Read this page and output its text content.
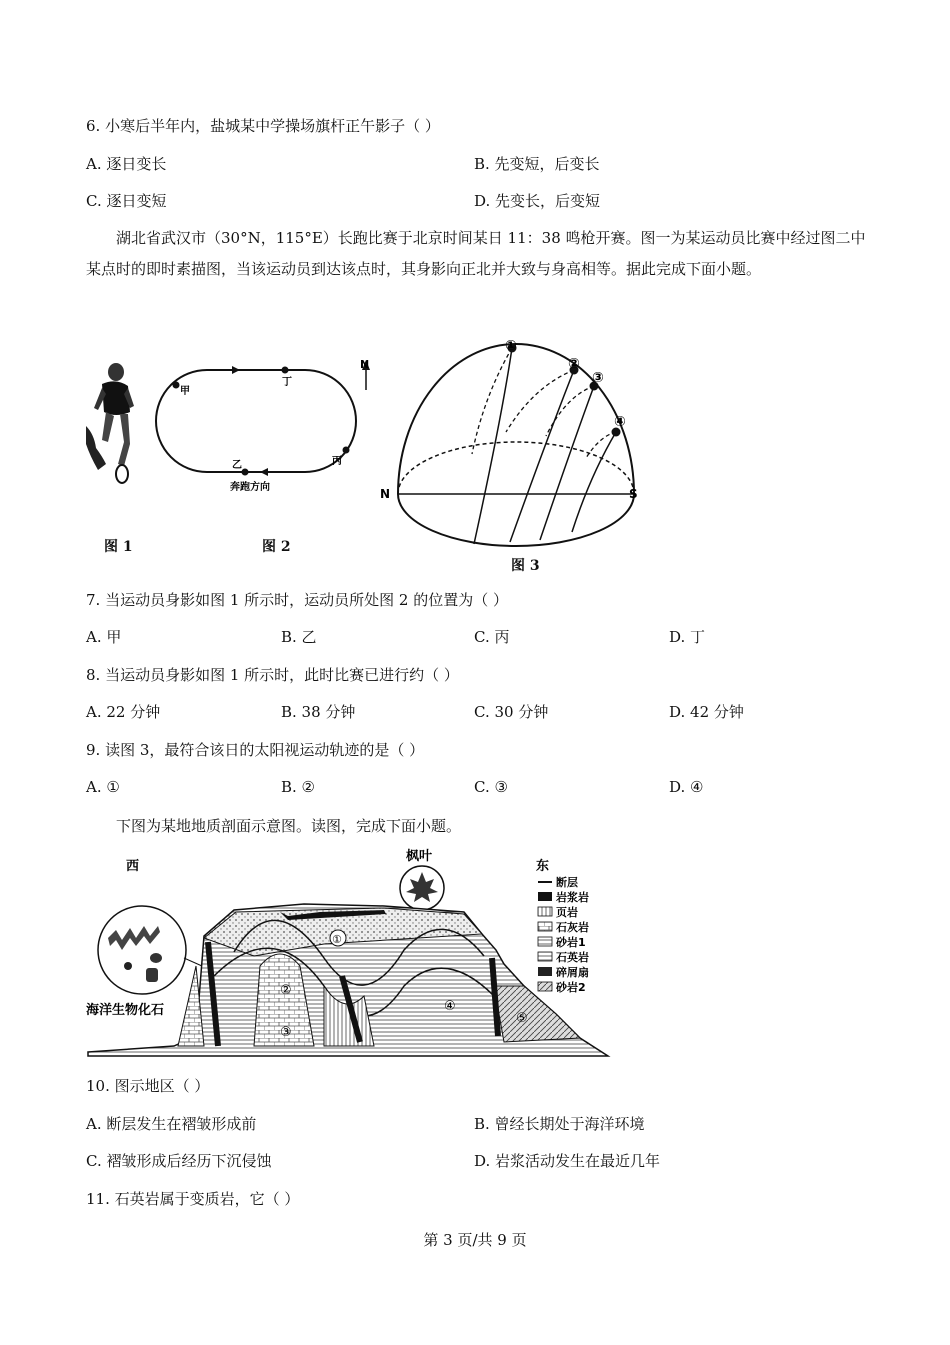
6. 小寒后半年内，盐城某中学操场旗杆正午影子（ ）
A. 逐日变长	B. 先变短，后变长
C. 逐日变短	D. 先变长，后变短
湖北省武汉市（30°N，115°E）长跑比赛于北京时间某日 11：38 鸣枪开赛。图一为某运动员比赛中经过图二中某点时的即时素描图，当该运动员到达该点时，其身影向正北并大致与身高相等。据此完成下面小题。
图 1
甲
丁
乙	丙
奔跑方向
N
图 2
①
②
③
④
N	S
图 3
7. 当运动员身影如图 1 所示时，运动员所处图 2 的位置为（ ）
A. 甲	B. 乙	C. 丙	D. 丁
8. 当运动员身影如图 1 所示时，此时比赛已进行约（ ）
A. 22 分钟	B. 38 分钟	C. 30 分钟	D. 42 分钟
9. 读图 3，最符合该日的太阳视运动轨迹的是（ ）
A. ①	B. ②	C. ③	D. ④
下图为某地地质剖面示意图。读图，完成下面小题。
西	东
枫叶
①
②
③
④
⑤
海洋生物化石
断层
岩浆岩
页岩
石灰岩
砂岩1
石英岩
碎屑扇
砂岩2
10. 图示地区（ ）
A. 断层发生在褶皱形成前	B. 曾经长期处于海洋环境
C. 褶皱形成后经历下沉侵蚀	D. 岩浆活动发生在最近几年
11. 石英岩属于变质岩，它（ ）
第 3 页/共 9 页
